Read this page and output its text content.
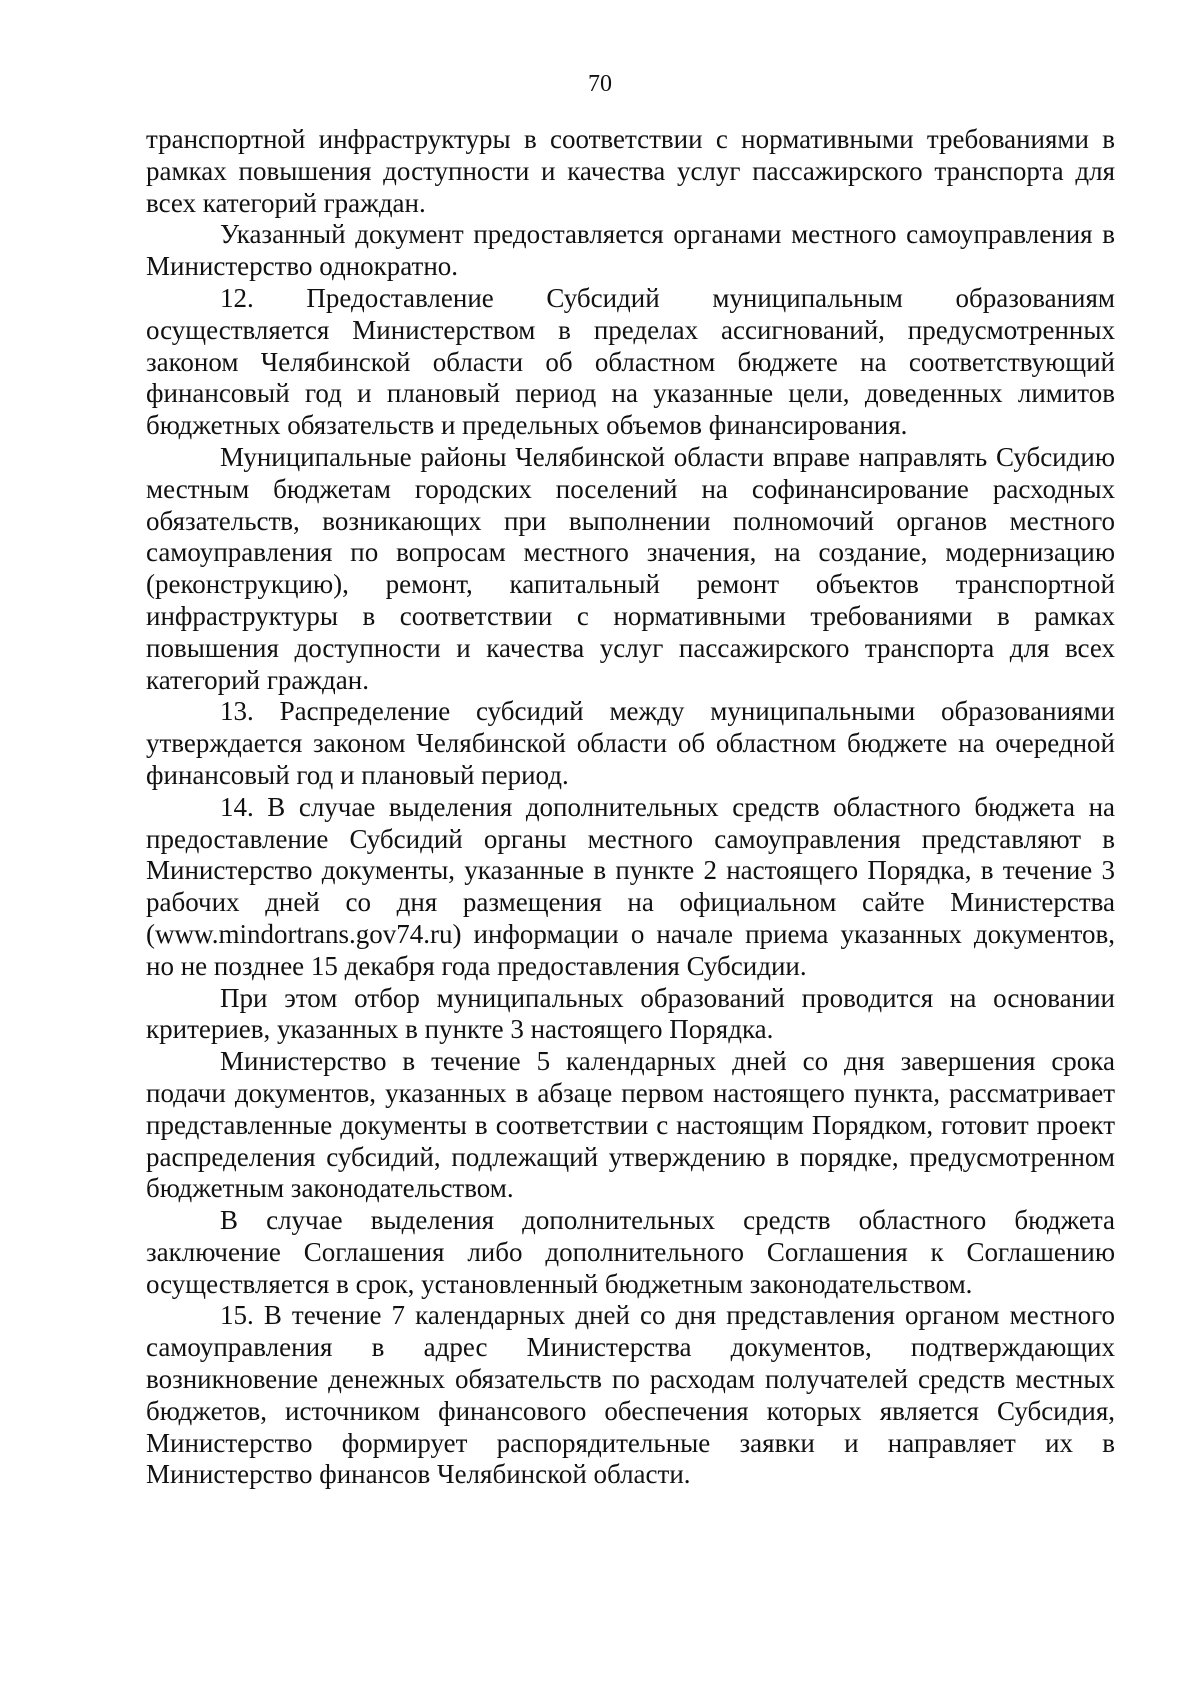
70

транспортной инфраструктуры в соответствии с нормативными требованиями в рамках повышения доступности и качества услуг пассажирского транспорта для всех категорий граждан.

Указанный документ предоставляется органами местного самоуправления в Министерство однократно.

12. Предоставление Субсидий муниципальным образованиям осуществляется Министерством в пределах ассигнований, предусмотренных законом Челябинской области об областном бюджете на соответствующий финансовый год и плановый период на указанные цели, доведенных лимитов бюджетных обязательств и предельных объемов финансирования.

Муниципальные районы Челябинской области вправе направлять Субсидию местным бюджетам городских поселений на софинансирование расходных обязательств, возникающих при выполнении полномочий органов местного самоуправления по вопросам местного значения, на создание, модернизацию (реконструкцию), ремонт, капитальный ремонт объектов транспортной инфраструктуры в соответствии с нормативными требованиями в рамках повышения доступности и качества услуг пассажирского транспорта для всех категорий граждан.

13. Распределение субсидий между муниципальными образованиями утверждается законом Челябинской области об областном бюджете на очередной финансовый год и плановый период.

14. В случае выделения дополнительных средств областного бюджета на предоставление Субсидий органы местного самоуправления представляют в Министерство документы, указанные в пункте 2 настоящего Порядка, в течение 3 рабочих дней со дня размещения на официальном сайте Министерства (www.mindortrans.gov74.ru) информации о начале приема указанных документов, но не позднее 15 декабря года предоставления Субсидии.

При этом отбор муниципальных образований проводится на основании критериев, указанных в пункте 3 настоящего Порядка.

Министерство в течение 5 календарных дней со дня завершения срока подачи документов, указанных в абзаце первом настоящего пункта, рассматривает представленные документы в соответствии с настоящим Порядком, готовит проект распределения субсидий, подлежащий утверждению в порядке, предусмотренном бюджетным законодательством.

В случае выделения дополнительных средств областного бюджета заключение Соглашения либо дополнительного Соглашения к Соглашению осуществляется в срок, установленный бюджетным законодательством.

15. В течение 7 календарных дней со дня представления органом местного самоуправления в адрес Министерства документов, подтверждающих возникновение денежных обязательств по расходам получателей средств местных бюджетов, источником финансового обеспечения которых является Субсидия, Министерство формирует распорядительные заявки и направляет их в Министерство финансов Челябинской области.
